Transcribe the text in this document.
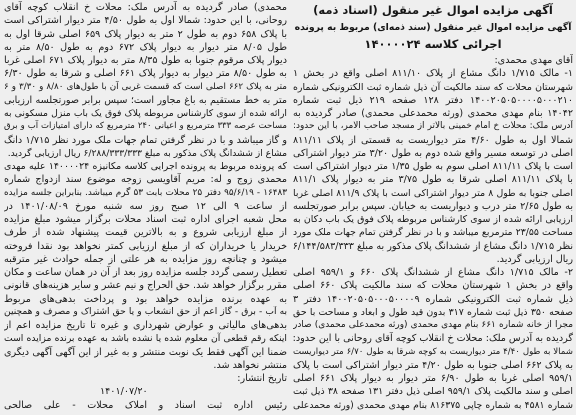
آگهی مزایده اموال غیر منقول (اسناد ذمه)
آگهی مزایده اموال غیر منقول (سند ذمه‌ای) مربوط به پرونده
اجرائی کلاسه ۱۴۰۰۰۰۲۴
آقای مهدی محمدی:
۱- مالک ۱/۷۱۵ دانگ مشاع از پلاک ۸۱۱/۱۰ اصلی واقع در بخش ۱
شهرستان محلات که سند مالکیت آن ذیل شماره ثبت الکترونیکی شماره
۱۴۰۰۲۰۵۰۵۰۰۰۰۵۰۰۰۲۱۰ دفتر ۱۲۸ صفحه ۲۱۹ ذیل ثبت شماره
۱۴۰۴۲ بنام مهدی محمدی (ورثه محمدعلی محمدی) صادر گردیده به
آدرس ملک: محلات خ امام خمینی بالاتر از مسجد صاحب الامر، با این حدود:
شمالا اول به طول ۴/۶۰ متر دیواریست به قسمتی از پلاک ۸۱۱/۱۱
اصلی در توسعه مسیر واقع شده دوم به طول ۳/۲۰ متر دیوار اشتراکی
است با پلاک ۸۱۱/۱۱ اصلی سوم به طول ۱/۳۵ متر دیوار اشتراکی است
با پلاک ۸۱۱/۱۱ اصلی شرقا به طول ۳/۷۵ متر به دیوار پلاک ۸۱۱/۱
اصلی جنوبا به طول ۸ متر دیوار اشتراکی است با پلاک ۸۱۱/۹ اصلی غربا
به طول ۲/۶۵ متر درب و دیواریست به خیابان. سپس برابر صورتجلسه
ارزیابی ارائه شده از سوی کارشناس مربوطه پلاک فوق یک باب دکان به
مساحت ۲۳/۵۵ مترمربع میباشد و با در نظر گرفتن تمام جهات ملک مورد
نظر ۱/۷۱۵ دانگ مشاع از ششدانگ پلاک مذکور به مبلغ ۶/۱۴۴/۵۸۳/۳۳۳
ریال ارزیابی گردید.
۲- مالک ۱/۷۱۵ دانگ مشاع از ششدانگ پلاک ۶۶۰ و ۹۵۹/۱ اصلی
واقع در بخش ۱ شهرستان محلات که سند مالکیت پلاک ۶۶۰ اصلی
ذیل شماره ثبت الکترونیکی شماره ۱۴۰۰۲۰۵۰۵۰۰۰۵۰۰۰۰۹ دفتر ۳
صفحه ۳۵۰ ذیل ثبت شماره ۳۱۷ بدون قید طول و ابعاد و مساحت با حق
مجرا از خانه شماره ۶۶۱ بنام مهدی محمدی (ورثه محمدعلی محمدی) صادر
گردیده به آدرس ملک: محلات خ انقلاب کوچه آقای روحانی با این حدود:
شمالا به طول ۴/۴۰ متر دیواریست به کوچه شرقا به طول ۶/۷۰ متر دیواریست
به پلاک ۶۶۲ اصلی جنوبا به طول ۴/۲۰ متر دیوار اشتراکی است با پلاک
۹۵۹/۱ اصلی غربا به طول ۶/۹۰ متر دیوار به دیوار پلاک ۶۶۱ اصلی
اصلی و سند مالکیت پلاک ۹۵۹/۱ اصلی ذیل دفتر ۱۳۱ صفحه ۳۸ ذیل ثبت
شماره ۴۵۸۱ به شماره چاپی ۸۱۶۳۷۵ بنام مهدی محمدی (ورثه محمدعلی
محمدی) صادر گردیده به آدرس ملک: محلات خ انقلاب کوچه آقای
روحانی، با این حدود: شمالا اول به طول ۴/۵۰ متر دیوار اشتراکی است
با پلاک ۶۵۸ دوم به طول ۲ متر به دیوار پلاک ۶۵۹ اصلی شرقا اول به
طول ۸/۰۵ متر دیوار به دیوار پلاک ۶۷۲ دوم به طول ۸/۵۰ متر به
دیوار پلاک مرقوم جنوبا به طول ۸/۳۵ متر به دیوار پلاک ۶۷۱ اصلی غربا
به طول ۸/۵۰ متر دیوار به دیوار پلاک ۶۶۱ اصلی و شرقا به طول ۶/۳۰
متر به پلاک ۶۶۲ اصلی است که قسمت غربی آن با طول‌های ۸/۸۰ و ۳/۳۰ و ۶
متر به خط مستقیم به باغ مجاور است؛ سپس برابر صورتجلسه ارزیابی
ارائه شده از سوی کارشناس مربوطه پلاک فوق یک باب منزل مسکونی به
مساحت عرصه ۳۳۳ مترمربع و اعیانی ۲۴۰ مترمربع که دارای امتیازات آب و برق
و گاز میباشد و با در نظر گرفتن تمام جهات ملک مورد نظر ۱/۷۱۵ دانگ
مشاع از ششدانگ پلاک مذکور به مبلغ ۶/۲۸۸/۳۳۳/۳۳۳ ریال ارزیابی گردید.
که پرونده مربوط به پرونده اجرایی کلاسه مکانیزه ۱۴۰۰۰۰۲۴ علیه مهدی
محمدی زوج و له: مریم آقاویسی زوجه موضوع سند ازدواج شماره
۱۶۴۸۳ - ۹۵/۶/۱۹ دفتر ۲۵ محلات بابت ۵۳ گرم میباشد. بنابراین جلسه مزایده
از ساعت ۹ الی ۱۲ صبح روز سه شنبه مورخ ۱۴۰۱/۰۸/۰۹ در
محل شعبه اجرای اداره ثبت اسناد محلات برگزار میشود مبلغ مزایده
از مبلغ ارزیابی شروع و به بالاترین قیمت پیشنهاد شده از طرف
خریدار یا خریداران که از مبلغ ارزیابی کمتر نخواهد بود نقدا فروخته
میشود و چنانچه روز مزایده به هر علتی از جمله حوادث غیر مترقبه
تعطیل رسمی گردد جلسه مزایده روز بعد از آن در همان ساعت و مکان
مقرر برگزار خواهد شد. حق الحراج و نیم عشر و سایر هزینه‌های قانونی
به عهده برنده مزایده خواهد بود و پرداخت بدهی‌های مربوط
به آب - برق - گاز اعم از حق انشعاب و یا حق اشتراک و مصرف و همچنین
بدهی‌های مالیاتی و عوارض شهرداری و غیره تا تاریخ مزایده اعم از
اینکه رقم قطعی آن معلوم شده یا نشده باشد به عهده برنده مزایده است
ضمنا این آگهی فقط یک نوبت منتشر و به غیر از این آگهی آگهی دیگری
منتشر نخواهد شد.
تاریخ انتشار:
۱۴۰۱/۰۷/۲۰
رئیس اداره ثبت اسناد و املاک محلات - علی صالحی
